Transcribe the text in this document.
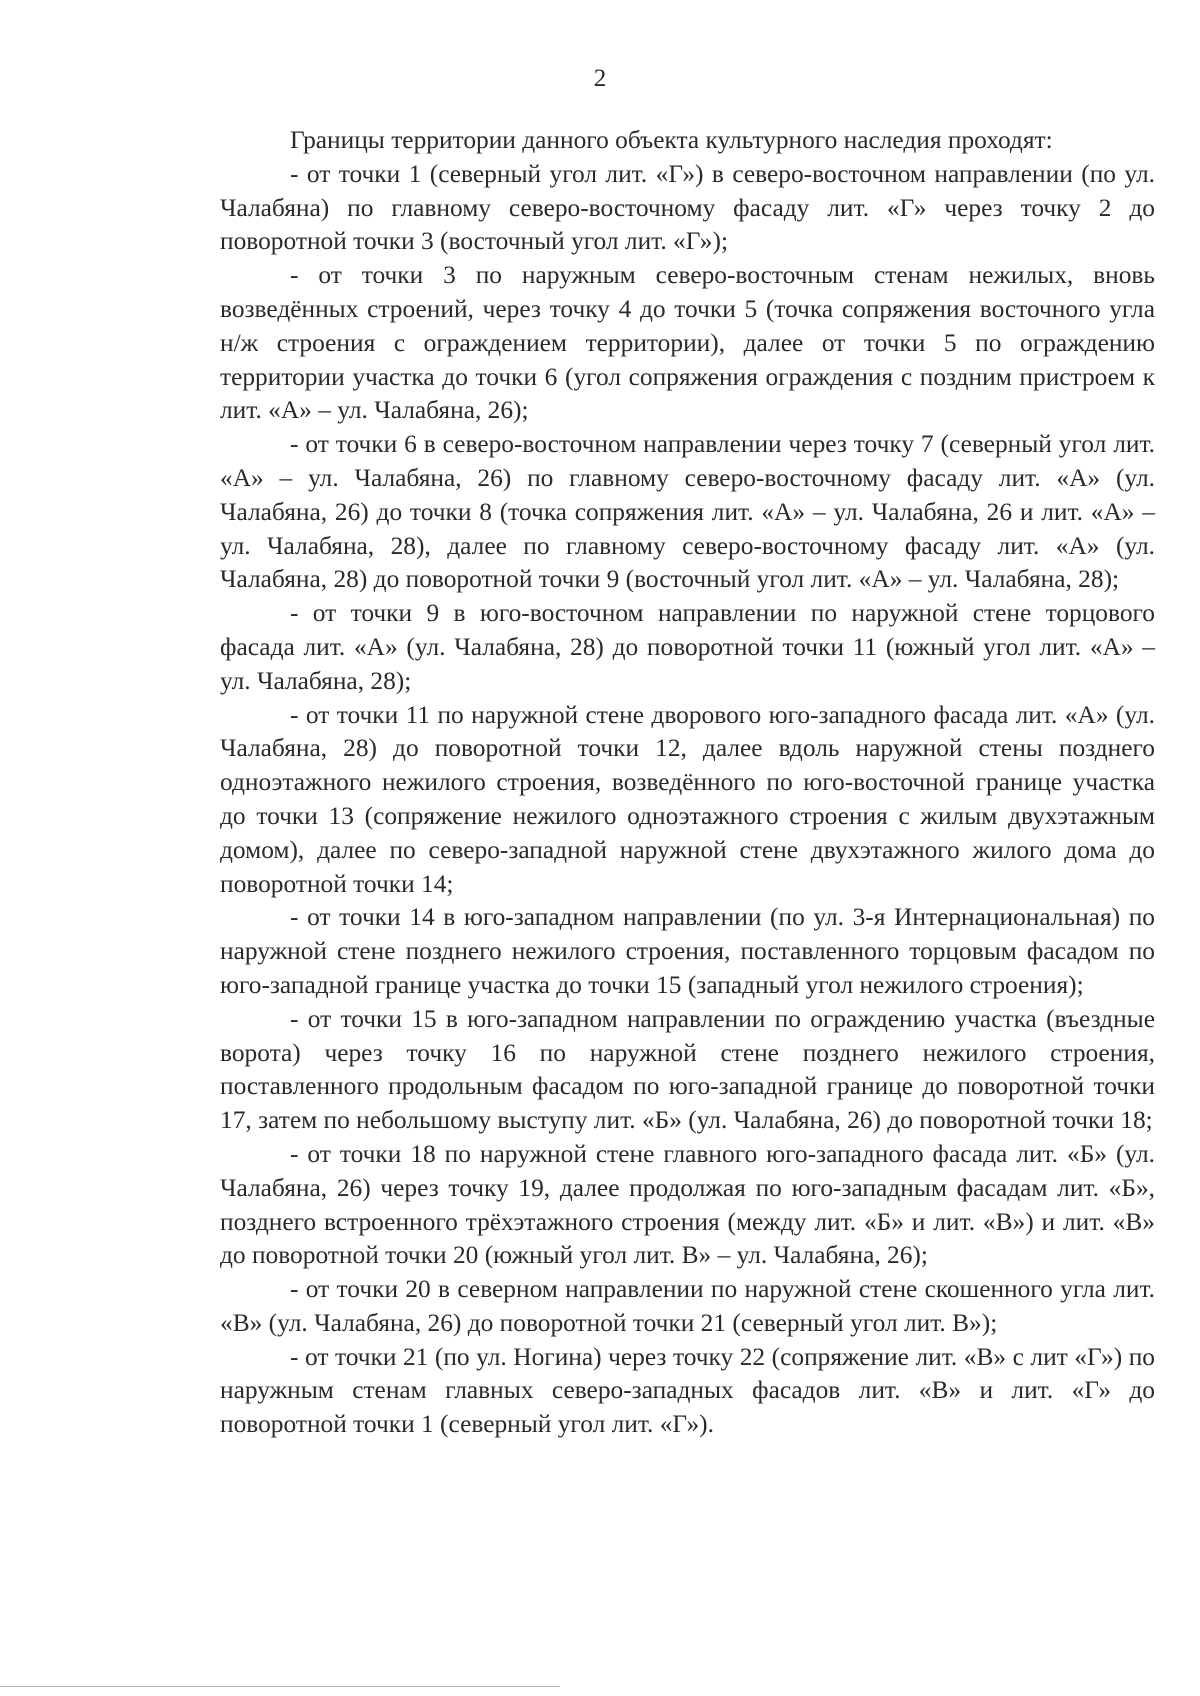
2

Границы территории данного объекта культурного наследия проходят:

- от точки 1 (северный угол лит. «Г») в северо-восточном направлении (по ул. Чалабяна) по главному северо-восточному фасаду лит. «Г» через точку 2 до поворотной точки 3 (восточный угол лит. «Г»);

- от точки 3 по наружным северо-восточным стенам нежилых, вновь возведённых строений, через точку 4 до точки 5 (точка сопряжения восточного угла н/ж строения с ограждением территории), далее от точки 5 по ограждению территории участка до точки 6 (угол сопряжения ограждения с поздним пристроем к лит. «А» – ул. Чалабяна, 26);

- от точки 6 в северо-восточном направлении через точку 7 (северный угол лит. «А» – ул. Чалабяна, 26) по главному северо-восточному фасаду лит. «А» (ул. Чалабяна, 26) до точки 8 (точка сопряжения лит. «А» – ул. Чалабяна, 26 и лит. «А» – ул. Чалабяна, 28), далее по главному северо-восточному фасаду лит. «А» (ул. Чалабяна, 28) до поворотной точки 9 (восточный угол лит. «А» – ул. Чалабяна, 28);

- от точки 9 в юго-восточном направлении по наружной стене торцового фасада лит. «А» (ул. Чалабяна, 28) до поворотной точки 11 (южный угол лит. «А» – ул. Чалабяна, 28);

- от точки 11 по наружной стене дворового юго-западного фасада лит. «А» (ул. Чалабяна, 28) до поворотной точки 12, далее вдоль наружной стены позднего одноэтажного нежилого строения, возведённого по юго-восточной границе участка до точки 13 (сопряжение нежилого одноэтажного строения с жилым двухэтажным домом), далее по северо-западной наружной стене двухэтажного жилого дома до поворотной точки 14;

- от точки 14 в юго-западном направлении (по ул. 3-я Интернациональная) по наружной стене позднего нежилого строения, поставленного торцовым фасадом по юго-западной границе участка до точки 15 (западный угол нежилого строения);

- от точки 15 в юго-западном направлении по ограждению участка (въездные ворота) через точку 16 по наружной стене позднего нежилого строения, поставленного продольным фасадом по юго-западной границе до поворотной точки 17, затем по небольшому выступу лит. «Б» (ул. Чалабяна, 26) до поворотной точки 18;

- от точки 18 по наружной стене главного юго-западного фасада лит. «Б» (ул. Чалабяна, 26) через точку 19, далее продолжая по юго-западным фасадам лит. «Б», позднего встроенного трёхэтажного строения (между лит. «Б» и лит. «В») и лит. «В» до поворотной точки 20 (южный угол лит. В» – ул. Чалабяна, 26);

- от точки 20 в северном направлении по наружной стене скошенного угла лит. «В» (ул. Чалабяна, 26) до поворотной точки 21 (северный угол лит. В»);

- от точки 21 (по ул. Ногина) через точку 22 (сопряжение лит. «В» с лит «Г») по наружным стенам главных северо-западных фасадов лит. «В» и лит. «Г» до поворотной точки 1 (северный угол лит. «Г»).
